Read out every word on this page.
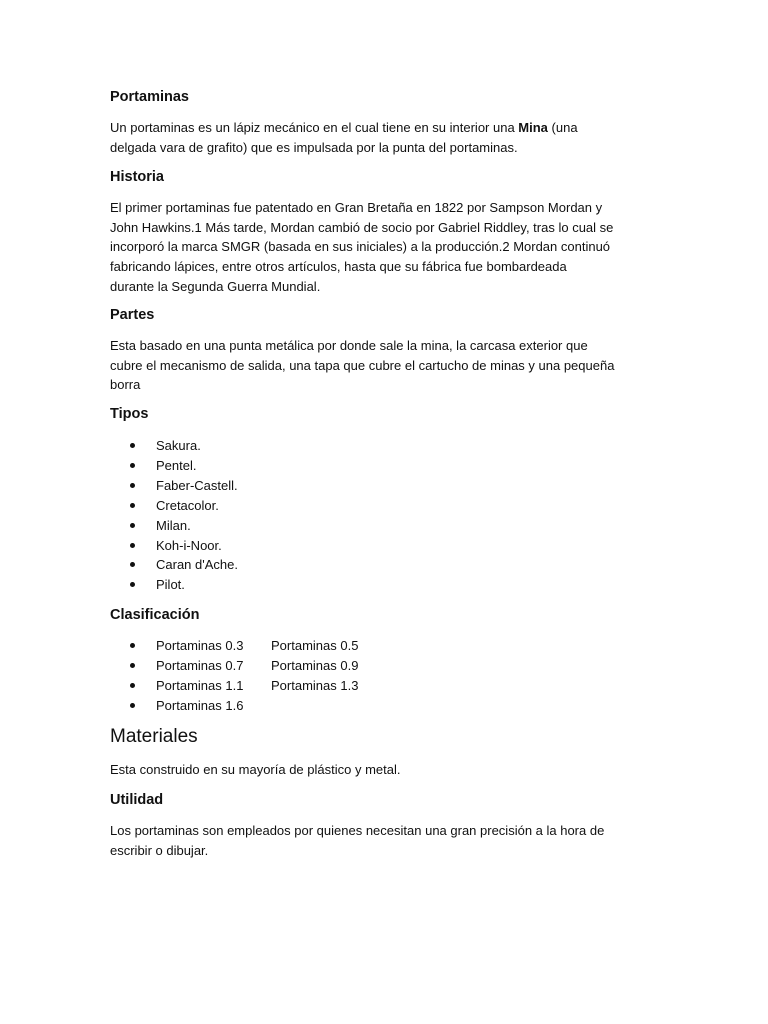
Portaminas
Un portaminas es un lápiz mecánico en el cual tiene en su interior una Mina (una
delgada vara de grafito) que es impulsada por la punta del portaminas.
Historia
El primer portaminas fue patentado en Gran Bretaña en 1822 por Sampson Mordan y
John Hawkins.1 Más tarde, Mordan cambió de socio por Gabriel Riddley, tras lo cual se
incorporó la marca SMGR (basada en sus iniciales) a la producción.2 Mordan continuó
fabricando lápices, entre otros artículos, hasta que su fábrica fue bombardeada
durante la Segunda Guerra Mundial.
Partes
Esta basado en una punta metálica por donde sale la mina, la carcasa exterior que
cubre el mecanismo de salida, una tapa que cubre el cartucho de minas y una pequeña
borra
Tipos
Sakura.
Pentel.
Faber-Castell.
Cretacolor.
Milan.
Koh-i-Noor.
Caran d'Ache.
Pilot.
Clasificación
Portaminas 0.3 Portaminas 0.5
Portaminas 0.7 Portaminas 0.9
Portaminas 1.1 Portaminas 1.3
Portaminas 1.6
Materiales
Esta construido en su mayoría de plástico y metal.
Utilidad
Los portaminas son empleados por quienes necesitan una gran precisión a la hora de
escribir o dibujar.
